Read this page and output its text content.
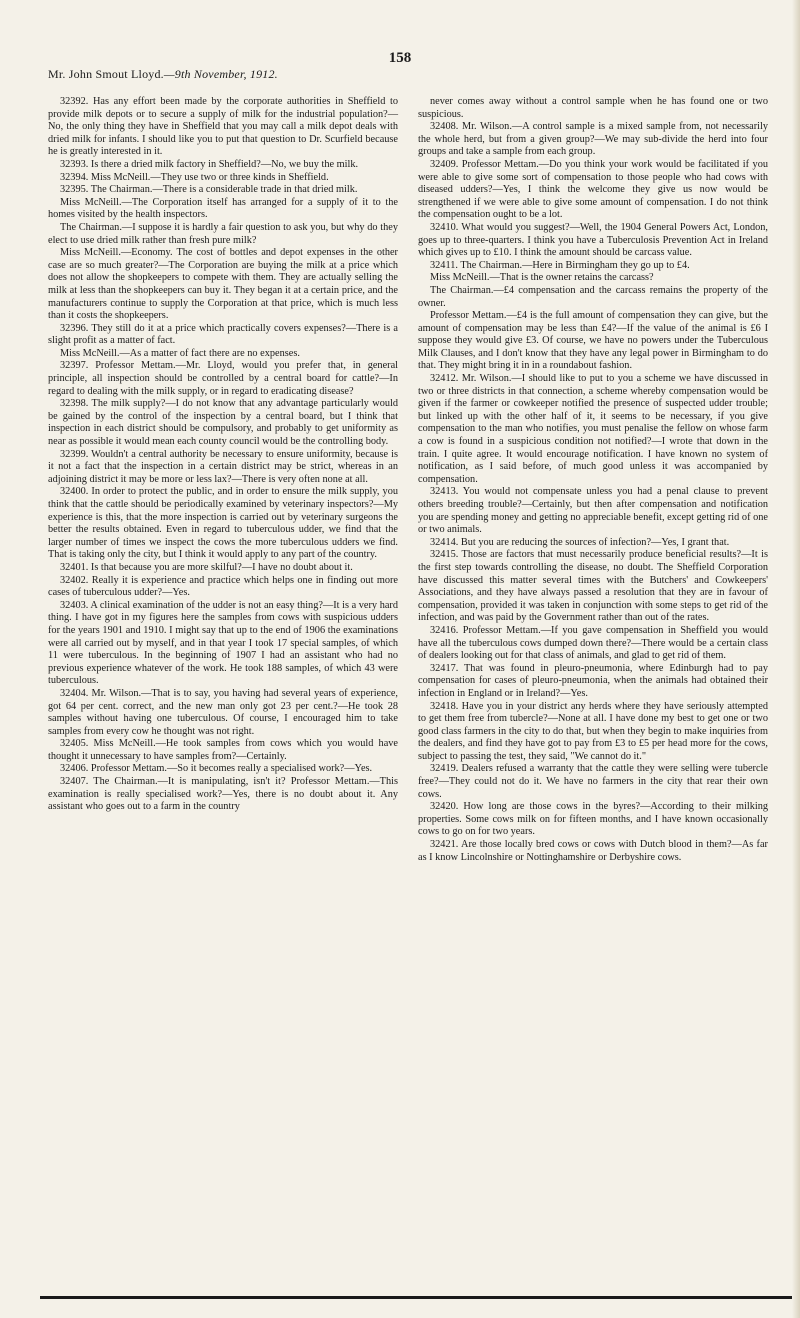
158
Mr. John Smout Lloyd.—9th November, 1912.

32392. Has any effort been made by the corporate authorities in Sheffield to provide milk depots or to secure a supply of milk for the industrial population?—No, the only thing they have in Sheffield that you may call a milk depot deals with dried milk for infants. I should like you to put that question to Dr. Scurfield because he is greatly interested in it.

32393. Is there a dried milk factory in Sheffield?—No, we buy the milk.

32394. Miss McNeill.—They use two or three kinds in Sheffield.

32395. The Chairman.—There is a considerable trade in that dried milk.

Miss McNeill.—The Corporation itself has arranged for a supply of it to the homes visited by the health inspectors.

The Chairman.—I suppose it is hardly a fair question to ask you, but why do they elect to use dried milk rather than fresh pure milk?

Miss McNeill.—Economy. The cost of bottles and depot expenses in the other case are so much greater?—The Corporation are buying the milk at a price which does not allow the shopkeepers to compete with them. They are actually selling the milk at less than the shopkeepers can buy it. They began it at a certain price, and the manufacturers continue to supply the Corporation at that price, which is much less than it costs the shopkeepers.

32396. They still do it at a price which practically covers expenses?—There is a slight profit as a matter of fact.

Miss McNeill.—As a matter of fact there are no expenses.

32397. Professor Mettam.—Mr. Lloyd, would you prefer that, in general principle, all inspection should be controlled by a central board for cattle?—In regard to dealing with the milk supply, or in regard to eradicating disease?

32398. The milk supply?—I do not know that any advantage particularly would be gained by the control of the inspection by a central board, but I think that inspection in each district should be compulsory, and probably to get uniformity as near as possible it would mean each county council would be the controlling body.

32399. Wouldn't a central authority be necessary to ensure uniformity, because is it not a fact that the inspection in a certain district may be strict, whereas in an adjoining district it may be more or less lax?—There is very often none at all.

32400. In order to protect the public, and in order to ensure the milk supply, you think that the cattle should be periodically examined by veterinary inspectors?—My experience is this, that the more inspection is carried out by veterinary surgeons the better the results obtained. Even in regard to tuberculous udder, we find that the larger number of times we inspect the cows the more tuberculous udders we find. That is taking only the city, but I think it would apply to any part of the country.

32401. Is that because you are more skilful?—I have no doubt about it.

32402. Really it is experience and practice which helps one in finding out more cases of tuberculous udder?—Yes.

32403. A clinical examination of the udder is not an easy thing?—It is a very hard thing. I have got in my figures here the samples from cows with suspicious udders for the years 1901 and 1910. I might say that up to the end of 1906 the examinations were all carried out by myself, and in that year I took 17 special samples, of which 11 were tuberculous. In the beginning of 1907 I had an assistant who had no previous experience whatever of the work. He took 188 samples, of which 43 were tuberculous.

32404. Mr. Wilson.—That is to say, you having had several years of experience, got 64 per cent. correct, and the new man only got 23 per cent.?—He took 28 samples without having one tuberculous. Of course, I encouraged him to take samples from every cow he thought was not right.

32405. Miss McNeill.—He took samples from cows which you would have thought it unnecessary to have samples from?—Certainly.

32406. Professor Mettam.—So it becomes really a specialised work?—Yes.

32407. The Chairman.—It is manipulating, isn't it? Professor Mettam.—This examination is really specialised work?—Yes, there is no doubt about it. Any assistant who goes out to a farm in the country

never comes away without a control sample when he has found one or two suspicious.

32408. Mr. Wilson.—A control sample is a mixed sample from, not necessarily the whole herd, but from a given group?—We may sub-divide the herd into four groups and take a sample from each group.

32409. Professor Mettam.—Do you think your work would be facilitated if you were able to give some sort of compensation to those people who had cows with diseased udders?—Yes, I think the welcome they give us now would be strengthened if we were able to give some amount of compensation. I do not think the compensation ought to be a lot.

32410. What would you suggest?—Well, the 1904 General Powers Act, London, goes up to three-quarters. I think you have a Tuberculosis Prevention Act in Ireland which gives up to £10. I think the amount should be carcass value.

32411. The Chairman.—Here in Birmingham they go up to £4.

Miss McNeill.—That is the owner retains the carcass?

The Chairman.—£4 compensation and the carcass remains the property of the owner.

Professor Mettam.—£4 is the full amount of compensation they can give, but the amount of compensation may be less than £4?—If the value of the animal is £6 I suppose they would give £3. Of course, we have no powers under the Tuberculous Milk Clauses, and I don't know that they have any legal power in Birmingham to do that. They might bring it in in a roundabout fashion.

32412. Mr. Wilson.—I should like to put to you a scheme we have discussed in two or three districts in that connection, a scheme whereby compensation would be given if the farmer or cowkeeper notified the presence of suspected udder trouble; but linked up with the other half of it, it seems to be necessary, if you give compensation to the man who notifies, you must penalise the fellow on whose farm a cow is found in a suspicious condition not notified?—I wrote that down in the train. I quite agree. It would encourage notification. I have known no system of notification, as I said before, of much good unless it was accompanied by compensation.

32413. You would not compensate unless you had a penal clause to prevent others breeding trouble?—Certainly, but then after compensation and notification you are spending money and getting no appreciable benefit, except getting rid of one or two animals.

32414. But you are reducing the sources of infection?—Yes, I grant that.

32415. Those are factors that must necessarily produce beneficial results?—It is the first step towards controlling the disease, no doubt. The Sheffield Corporation have discussed this matter several times with the Butchers' and Cowkeepers' Associations, and they have always passed a resolution that they are in favour of compensation, provided it was taken in conjunction with some steps to get rid of the infection, and was paid by the Government rather than out of the rates.

32416. Professor Mettam.—If you gave compensation in Sheffield you would have all the tuberculous cows dumped down there?—There would be a certain class of dealers looking out for that class of animals, and glad to get rid of them.

32417. That was found in pleuro-pneumonia, where Edinburgh had to pay compensation for cases of pleuro-pneumonia, when the animals had obtained their infection in England or in Ireland?—Yes.

32418. Have you in your district any herds where they have seriously attempted to get them free from tubercle?—None at all. I have done my best to get one or two good class farmers in the city to do that, but when they begin to make inquiries from the dealers, and find they have got to pay from £3 to £5 per head more for the cows, subject to passing the test, they said, "We cannot do it."

32419. Dealers refused a warranty that the cattle they were selling were tubercle free?—They could not do it. We have no farmers in the city that rear their own cows.

32420. How long are those cows in the byres?—According to their milking properties. Some cows milk on for fifteen months, and I have known occasionally cows to go on for two years.

32421. Are those locally bred cows or cows with Dutch blood in them?—As far as I know Lincolnshire or Nottinghamshire or Derbyshire cows.
